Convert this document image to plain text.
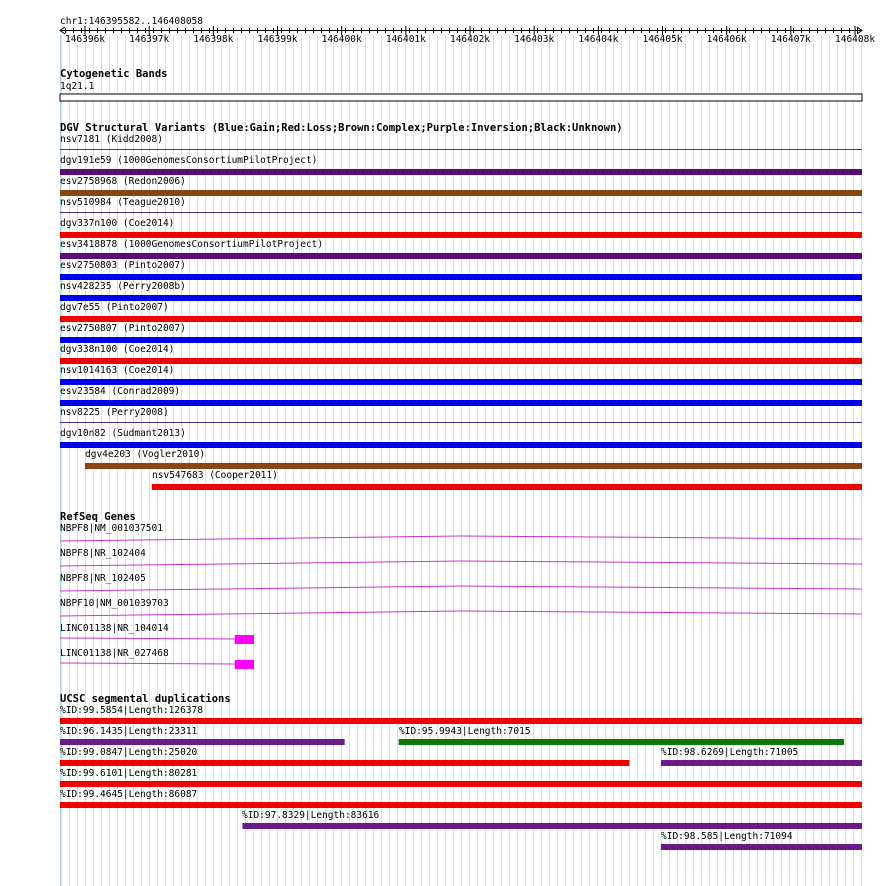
chr1:146395582..146408058
146396k	146397k	146398k	146399k	146400k	146401k	146402k	146403k	146404k	146405k	146406k	146407k	146408k
Cytogenetic Bands
1q21.1
DGV Structural Variants (Blue:Gain;Red:Loss;Brown:Complex;Purple:Inversion;Black:Unknown)
nsv7181 (Kidd2008)
dgv191e59 (1000GenomesConsortiumPilotProject)
esv2758968 (Redon2006)
nsv510984 (Teague2010)
dgv337n100 (Coe2014)
esv3418878 (1000GenomesConsortiumPilotProject)
esv2750803 (Pinto2007)
nsv428235 (Perry2008b)
dgv7e55 (Pinto2007)
esv2750807 (Pinto2007)
dgv338n100 (Coe2014)
nsv1014163 (Coe2014)
esv23584 (Conrad2009)
nsv8225 (Perry2008)
dgv10n82 (Sudmant2013)
dgv4e203 (Vogler2010)
nsv547683 (Cooper2011)
RefSeq Genes
NBPF8|NM_001037501
NBPF8|NR_102404
NBPF8|NR_102405
NBPF10|NM_001039703
LINC01138|NR_104014
LINC01138|NR_027468
UCSC segmental duplications
%ID:99.5854|Length:126378
%ID:96.1435|Length:23311	%ID:95.9943|Length:7015
%ID:99.0847|Length:25020	%ID:98.6269|Length:71005
%ID:99.6101|Length:80281
%ID:99.4645|Length:86087
%ID:97.8329|Length:83616
%ID:98.585|Length:71094
